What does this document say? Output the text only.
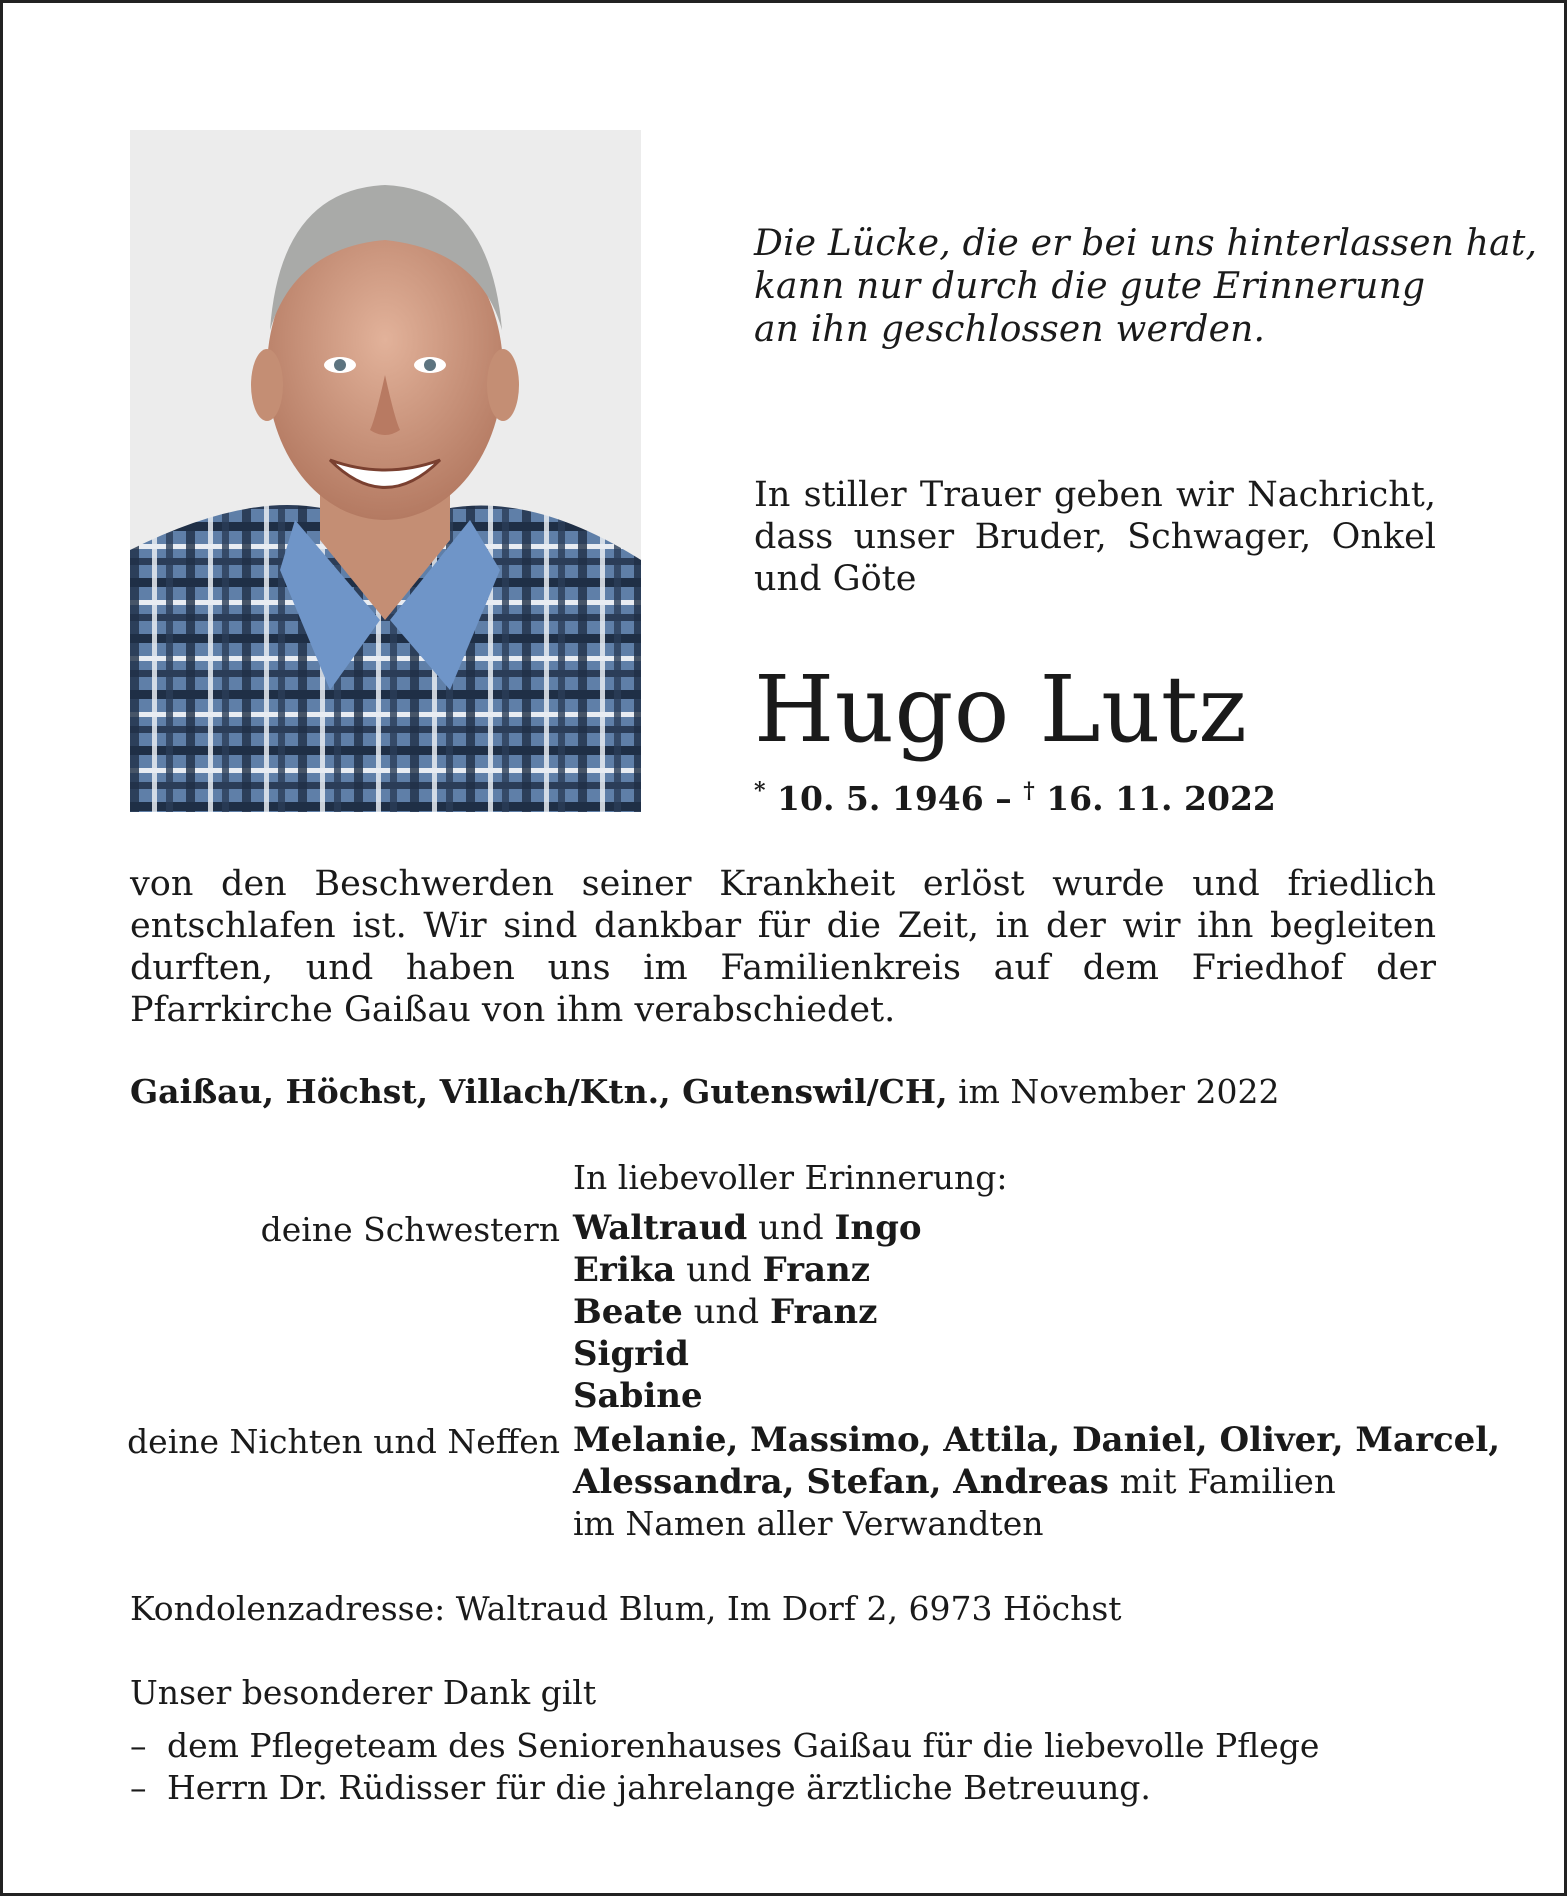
Die Lücke, die er bei uns hinterlassen hat,
kann nur durch die gute Erinnerung
an ihn geschlossen werden.
In stiller Trauer geben wir Nachricht, dass unser Bruder, Schwager, Onkel und Göte
Hugo Lutz
* 10. 5. 1946 – † 16. 11. 2022
von den Beschwerden seiner Krankheit erlöst wurde und friedlich entschlafen ist. Wir sind dankbar für die Zeit, in der wir ihn begleiten durften, und haben uns im Familienkreis auf dem Friedhof der Pfarrkirche Gaißau von ihm verabschiedet.
Gaißau, Höchst, Villach/Ktn., Gutenswil/CH, im November 2022
In liebevoller Erinnerung:
deine Schwestern Waltraud und Ingo
Erika und Franz
Beate und Franz
Sigrid
Sabine
deine Nichten und Neffen Melanie, Massimo, Attila, Daniel, Oliver, Marcel,
Alessandra, Stefan, Andreas mit Familien
im Namen aller Verwandten
Kondolenzadresse: Waltraud Blum, Im Dorf 2, 6973 Höchst
Unser besonderer Dank gilt
– dem Pflegeteam des Seniorenhauses Gaißau für die liebevolle Pflege
– Herrn Dr. Rüdisser für die jahrelange ärztliche Betreuung.
